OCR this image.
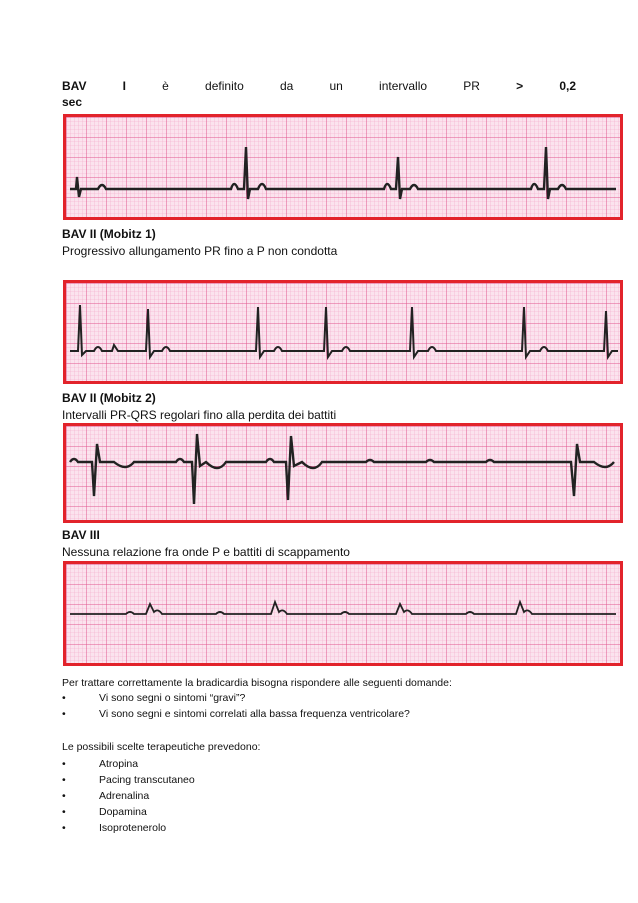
BAV	I	è	definito	da	un	intervallo	PR	>	0,2
sec
BAV II (Mobitz 1)
Progressivo allungamento PR fino a P non condotta
BAV II (Mobitz 2)
Intervalli PR-QRS regolari fino alla perdita dei battiti
BAV III
Nessuna relazione fra onde P e battiti di scappamento
Per trattare correttamente la bradicardia bisogna rispondere alle seguenti domande:
•	Vi sono segni o sintomi “gravi”?
•	Vi sono segni e sintomi correlati alla bassa frequenza ventricolare?
Le possibili scelte terapeutiche prevedono:
•	Atropina
•	Pacing transcutaneo
•	Adrenalina
•	Dopamina
•	Isoprotenerolo
